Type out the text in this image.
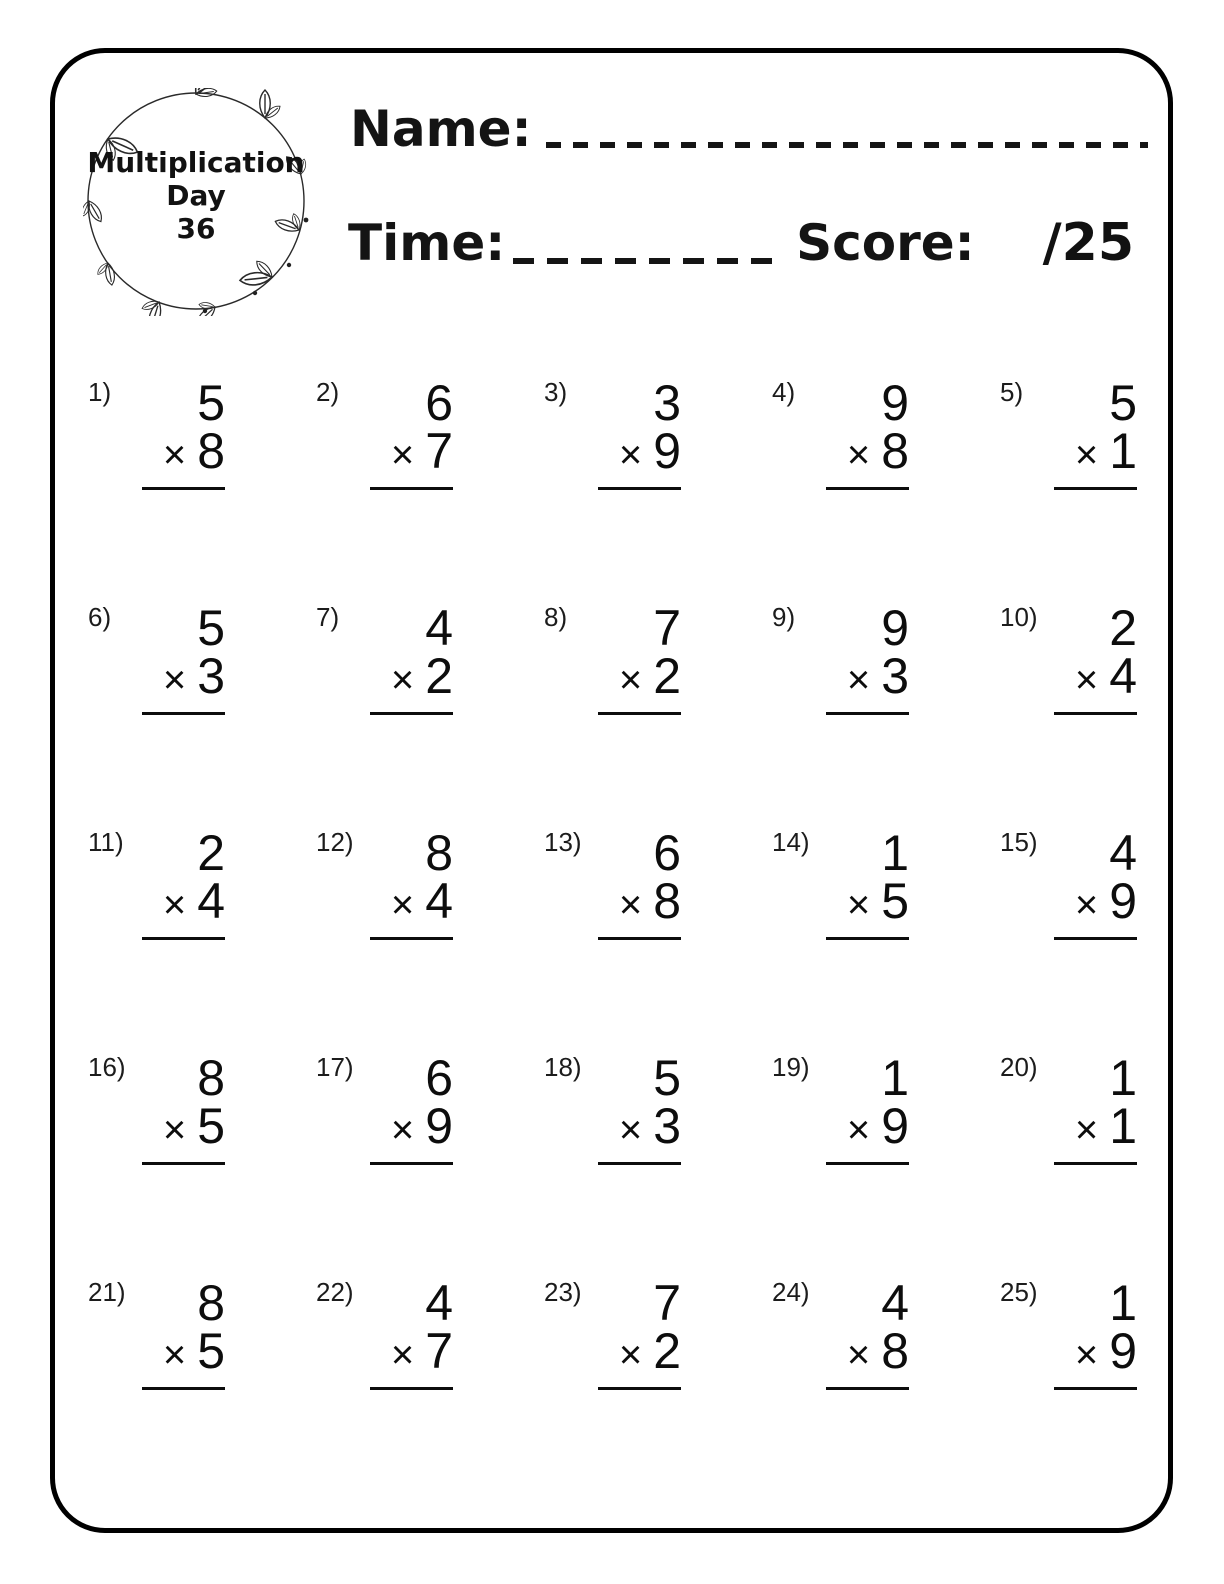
Multiplication
Day
36
Name:
Time:	Score: /25
1)	5
× 8
2)	6
× 7
3)	3
× 9
4)	9
× 8
5)	5
× 1
6)	5
× 3
7)	4
× 2
8)	7
× 2
9)	9
× 3
10)	2
× 4
11)	2
× 4
12)	8
× 4
13)	6
× 8
14)	1
× 5
15)	4
× 9
16)	8
× 5
17)	6
× 9
18)	5
× 3
19)	1
× 9
20)	1
× 1
21)	8
× 5
22)	4
× 7
23)	7
× 2
24)	4
× 8
25)	1
× 9
